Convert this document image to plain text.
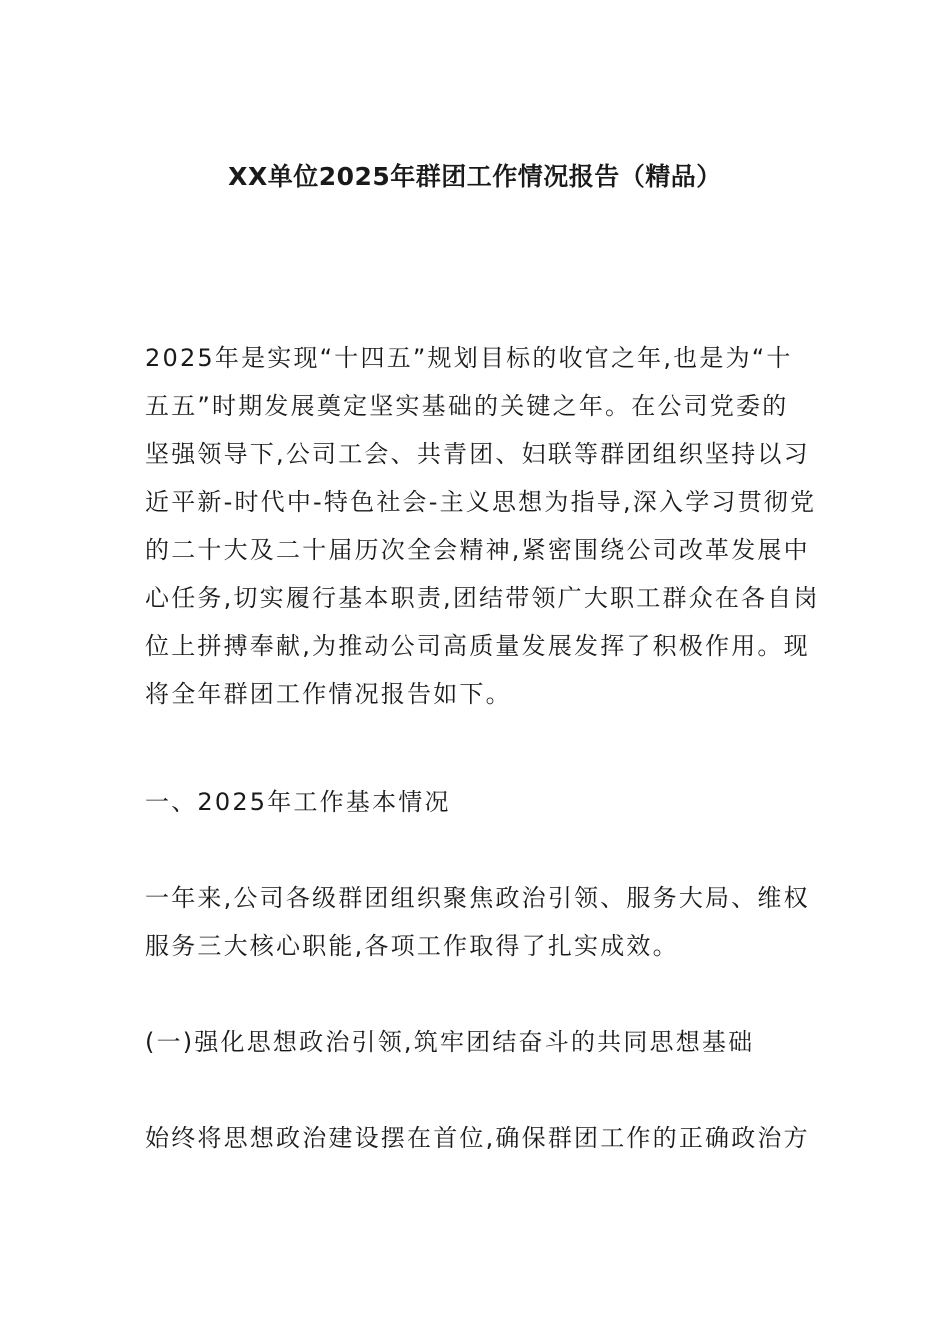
XX单位2025年群团工作情况报告（精品）
2025年是实现“十四五”规划目标的收官之年,也是为“十
五五”时期发展奠定坚实基础的关键之年。在公司党委的
坚强领导下,公司工会、共青团、妇联等群团组织坚持以习
近平新-时代中-特色社会-主义思想为指导,深入学习贯彻党
的二十大及二十届历次全会精神,紧密围绕公司改革发展中
心任务,切实履行基本职责,团结带领广大职工群众在各自岗
位上拼搏奉献,为推动公司高质量发展发挥了积极作用。现
将全年群团工作情况报告如下。
一、2025年工作基本情况
一年来,公司各级群团组织聚焦政治引领、服务大局、维权
服务三大核心职能,各项工作取得了扎实成效。
(一)强化思想政治引领,筑牢团结奋斗的共同思想基础
始终将思想政治建设摆在首位,确保群团工作的正确政治方
